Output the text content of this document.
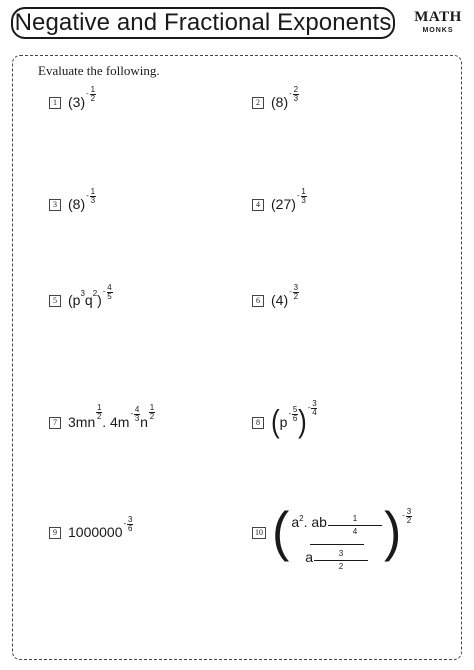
Negative and Fractional Exponents MATH
MONKS
Evaluate the following.
1 (3)
- $\frac{1}{2}$	2 (8)
- $\frac{2}{3}$
3 (8)
- $\frac{1}{3}$	4 (27)
- $\frac{1}{3}$
5 (p 3 q 2 )
- $\frac{4}{5}$	6 (4)
- $\frac{3}{2}$
7 3mn
$\frac{1}{2}$
. 4m
- $\frac{4}{3}$ n
$\frac{1}{2}$
8 ( p
- $\frac{5}{6}$ ) - $\frac{3}{4}$
9 1000000
- $\frac{3}{6}$	10 ( $a^2$. ab $\frac{1}{4}$
a $\frac{3}{2}$ ) - $\frac{3}{2}$
